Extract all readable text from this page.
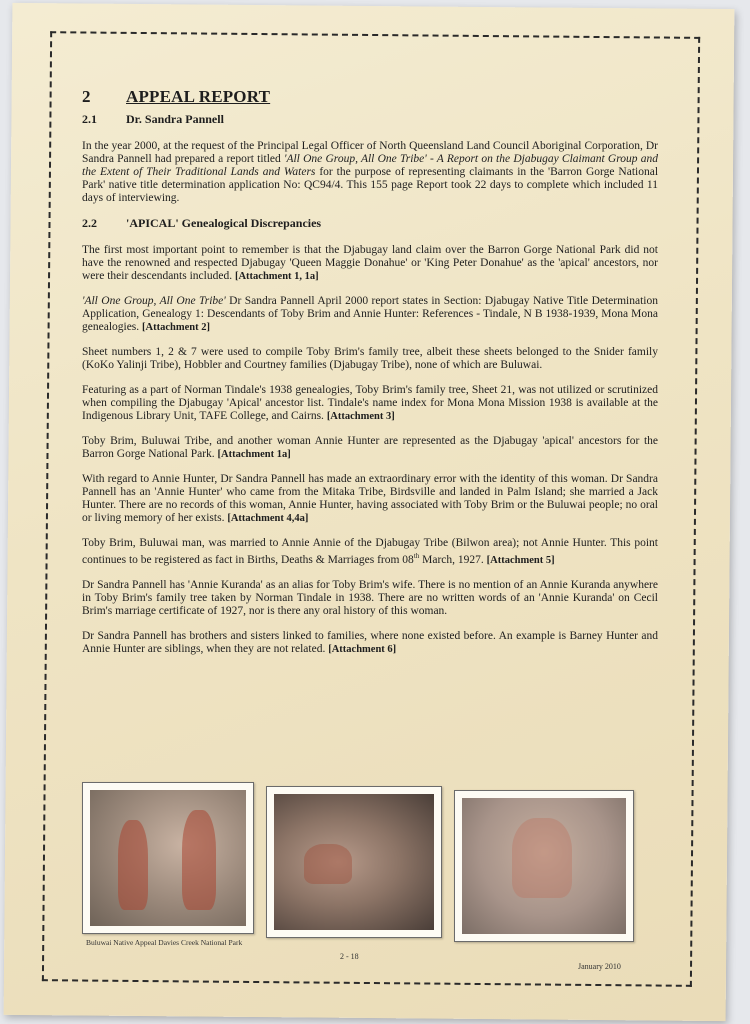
2 APPEAL REPORT
2.1 Dr. Sandra Pannell

In the year 2000, at the request of the Principal Legal Officer of North Queensland Land Council Aboriginal Corporation, Dr Sandra Pannell had prepared a report titled 'All One Group, All One Tribe' - A Report on the Djabugay Claimant Group and the Extent of Their Traditional Lands and Waters for the purpose of representing claimants in the 'Barron Gorge National Park' native title determination application No: QC94/4. This 155 page Report took 22 days to complete which included 11 days of interviewing.

2.2 'APICAL' Genealogical Discrepancies

The first most important point to remember is that the Djabugay land claim over the Barron Gorge National Park did not have the renowned and respected Djabugay 'Queen Maggie Donahue' or 'King Peter Donahue' as the 'apical' ancestors, nor were their descendants included. [Attachment 1, 1a]

'All One Group, All One Tribe' Dr Sandra Pannell April 2000 report states in Section: Djabugay Native Title Determination Application, Genealogy 1: Descendants of Toby Brim and Annie Hunter: References - Tindale, N B 1938-1939, Mona Mona genealogies. [Attachment 2]

Sheet numbers 1, 2 & 7 were used to compile Toby Brim's family tree, albeit these sheets belonged to the Snider family (KoKo Yalinji Tribe), Hobbler and Courtney families (Djabugay Tribe), none of which are Buluwai.

Featuring as a part of Norman Tindale's 1938 genealogies, Toby Brim's family tree, Sheet 21, was not utilized or scrutinized when compiling the Djabugay 'Apical' ancestor list. Tindale's name index for Mona Mona Mission 1938 is available at the Indigenous Library Unit, TAFE College, and Cairns. [Attachment 3]

Toby Brim, Buluwai Tribe, and another woman Annie Hunter are represented as the Djabugay 'apical' ancestors for the Barron Gorge National Park. [Attachment 1a]

With regard to Annie Hunter, Dr Sandra Pannell has made an extraordinary error with the identity of this woman. Dr Sandra Pannell has an 'Annie Hunter' who came from the Mitaka Tribe, Birdsville and landed in Palm Island; she married a Jack Hunter. There are no records of this woman, Annie Hunter, having associated with Toby Brim or the Buluwai people; no oral or living memory of her exists. [Attachment 4,4a]

Toby Brim, Buluwai man, was married to Annie Annie of the Djabugay Tribe (Bilwon area); not Annie Hunter. This point continues to be registered as fact in Births, Deaths & Marriages from 08th March, 1927. [Attachment 5]

Dr Sandra Pannell has 'Annie Kuranda' as an alias for Toby Brim's wife. There is no mention of an Annie Kuranda anywhere in Toby Brim's family tree taken by Norman Tindale in 1938. There are no written words of an 'Annie Kuranda' on Cecil Brim's marriage certificate of 1927, nor is there any oral history of this woman.

Dr Sandra Pannell has brothers and sisters linked to families, where none existed before. An example is Barney Hunter and Annie Hunter are siblings, when they are not related. [Attachment 6]

Buluwai Native Appeal Davies Creek National Park
2 - 18
January 2010
